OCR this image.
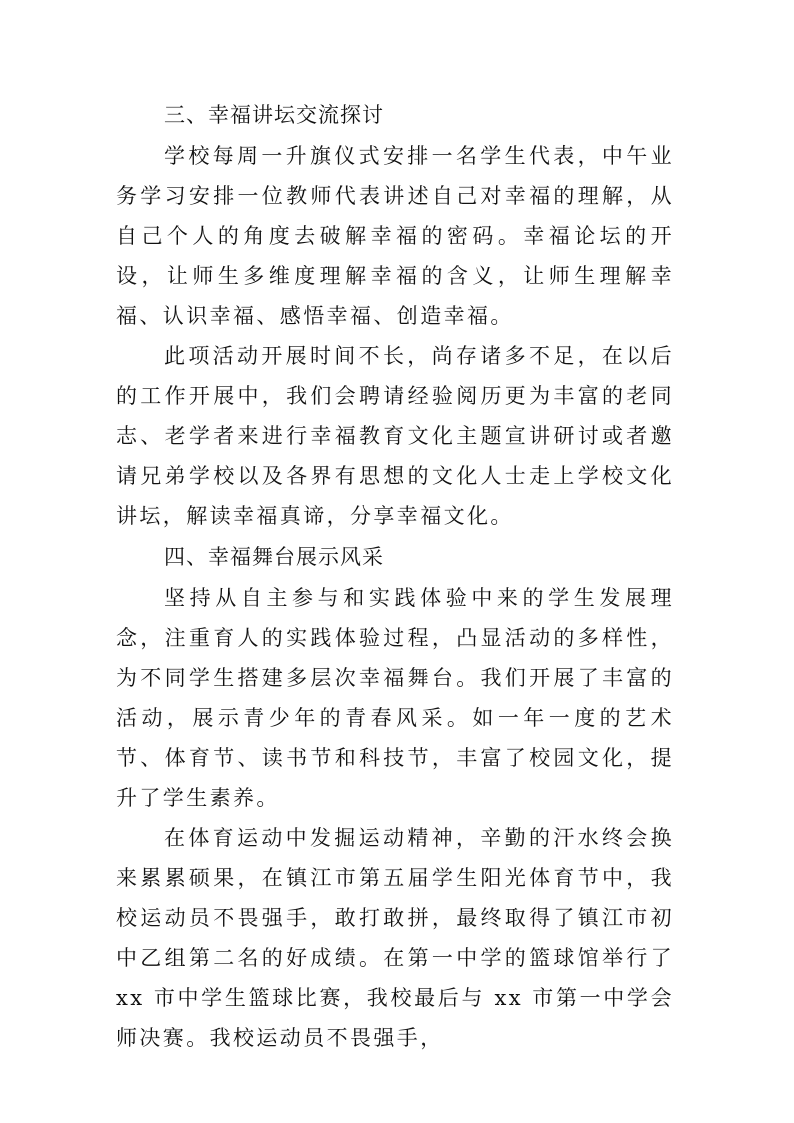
三、幸福讲坛交流探讨

学校每周一升旗仪式安排一名学生代表，中午业务学习安排一位教师代表讲述自己对幸福的理解，从自己个人的角度去破解幸福的密码。幸福论坛的开设，让师生多维度理解幸福的含义，让师生理解幸福、认识幸福、感悟幸福、创造幸福。

此项活动开展时间不长，尚存诸多不足，在以后的工作开展中，我们会聘请经验阅历更为丰富的老同志、老学者来进行幸福教育文化主题宣讲研讨或者邀请兄弟学校以及各界有思想的文化人士走上学校文化讲坛，解读幸福真谛，分享幸福文化。

四、幸福舞台展示风采

坚持从自主参与和实践体验中来的学生发展理念，注重育人的实践体验过程，凸显活动的多样性，为不同学生搭建多层次幸福舞台。我们开展了丰富的活动，展示青少年的青春风采。如一年一度的艺术节、体育节、读书节和科技节，丰富了校园文化，提升了学生素养。

在体育运动中发掘运动精神，辛勤的汗水终会换来累累硕果，在镇江市第五届学生阳光体育节中，我校运动员不畏强手，敢打敢拼，最终取得了镇江市初中乙组第二名的好成绩。在第一中学的篮球馆举行了 xx 市中学生篮球比赛，我校最后与 xx 市第一中学会师决赛。我校运动员不畏强手，
